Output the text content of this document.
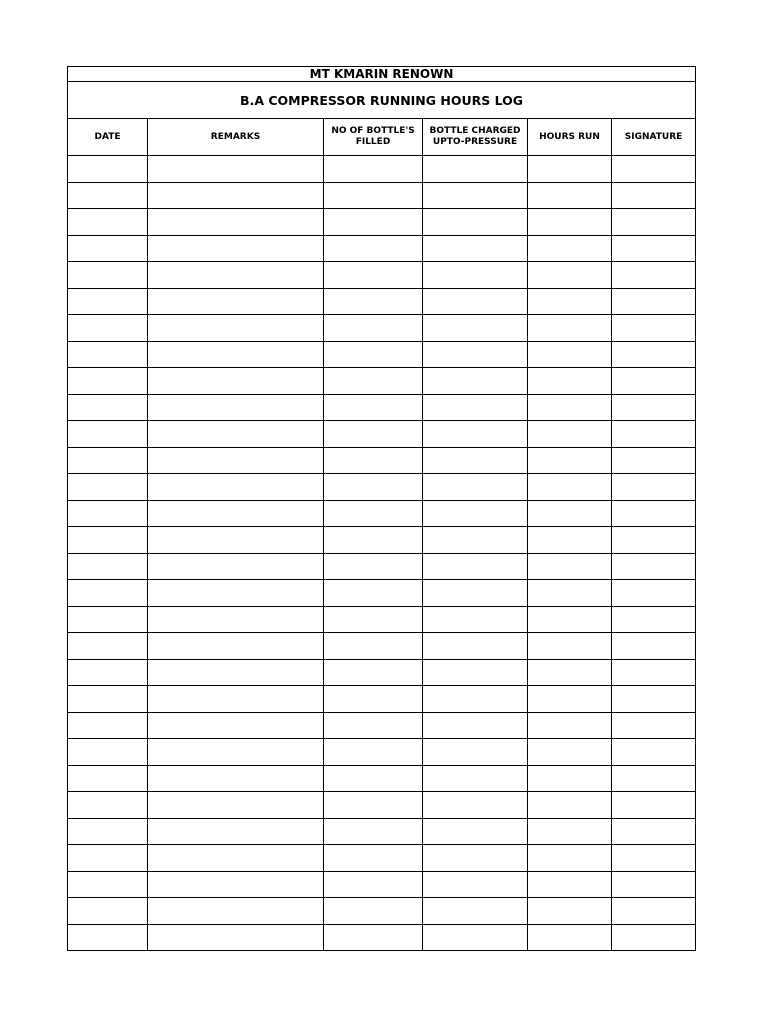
MT KMARIN RENOWN					
B.A COMPRESSOR RUNNING HOURS LOG					
DATE	REMARKS	NO OF BOTTLE'S FILLED	BOTTLE CHARGED UPTO-PRESSURE	HOURS RUN	SIGNATURE
